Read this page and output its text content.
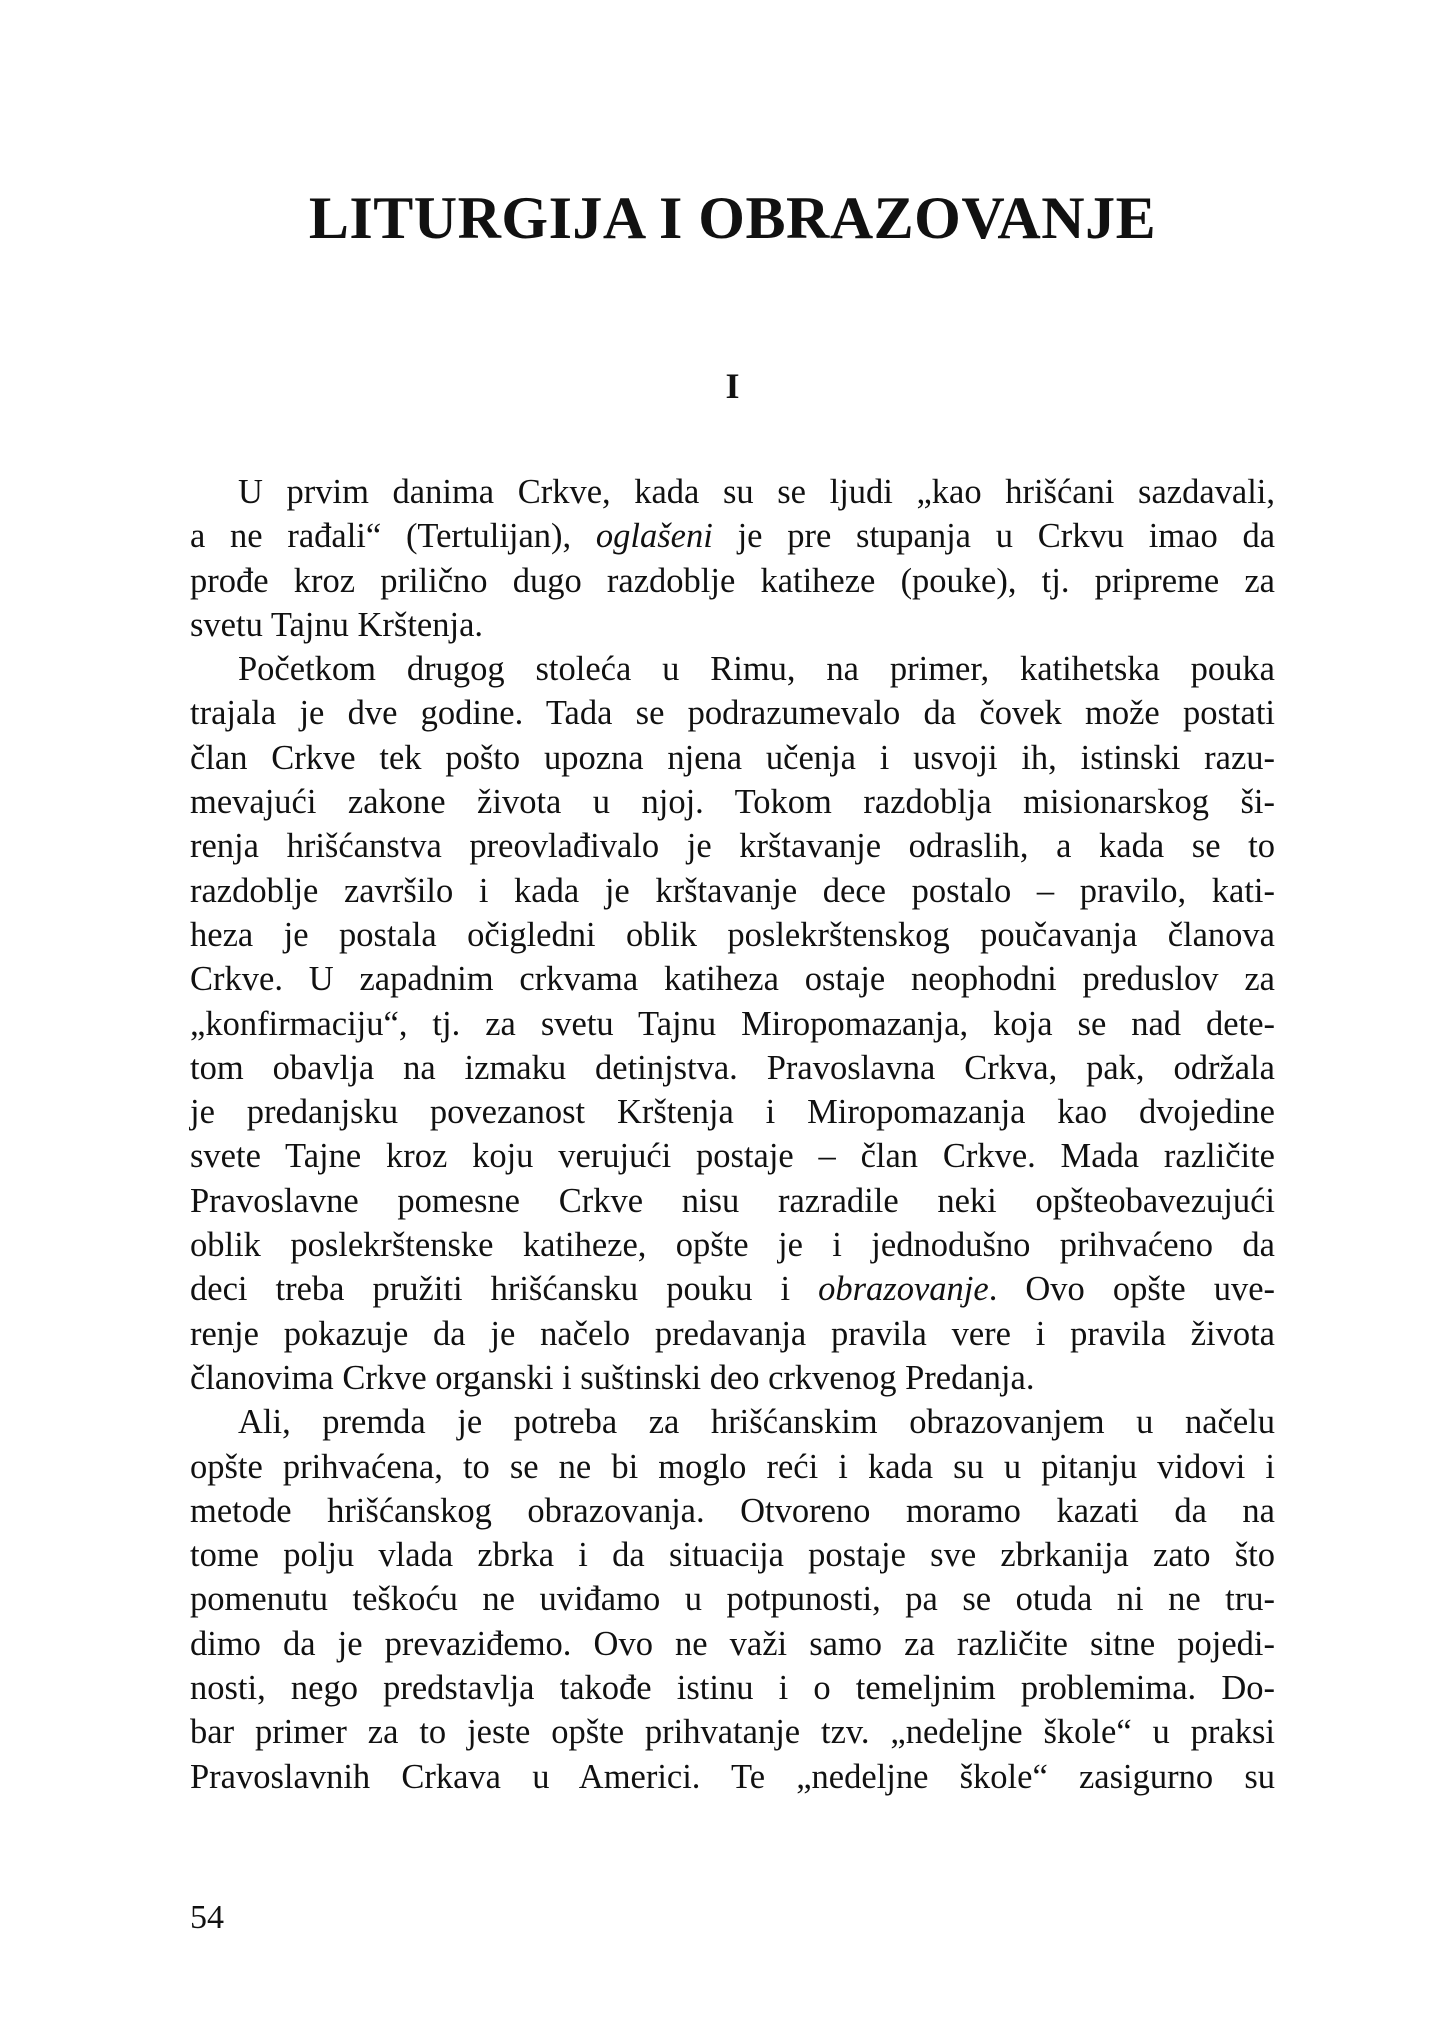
LITURGIJA I OBRAZOVANJE
I

U prvim danima Crkve, kada su se ljudi „kao hrišćani sazdavali,
a ne rađali“ (Tertulijan), oglašeni je pre stupanja u Crkvu imao da
prođe kroz prilično dugo razdoblje katiheze (pouke), tj. pripreme za
svetu Tajnu Krštenja.

Početkom drugog stoleća u Rimu, na primer, katihetska pouka
trajala je dve godine. Tada se podrazumevalo da čovek može postati
član Crkve tek pošto upozna njena učenja i usvoji ih, istinski razu-
mevajući zakone života u njoj. Tokom razdoblja misionarskog ši-
renja hrišćanstva preovlađivalo je krštavanje odraslih, a kada se to
razdoblje završilo i kada je krštavanje dece postalo – pravilo, kati-
heza je postala očigledni oblik poslekrštenskog poučavanja članova
Crkve. U zapadnim crkvama katiheza ostaje neophodni preduslov za
„konfirmaciju“, tj. za svetu Tajnu Miropomazanja, koja se nad dete-
tom obavlja na izmaku detinjstva. Pravoslavna Crkva, pak, održala
je predanjsku povezanost Krštenja i Miropomazanja kao dvojedine
svete Tajne kroz koju verujući postaje – član Crkve. Mada različite
Pravoslavne pomesne Crkve nisu razradile neki opšteobavezujući
oblik poslekrštenske katiheze, opšte je i jednodušno prihvaćeno da
deci treba pružiti hrišćansku pouku i obrazovanje. Ovo opšte uve-
renje pokazuje da je načelo predavanja pravila vere i pravila života
članovima Crkve organski i suštinski deo crkvenog Predanja.

Ali, premda je potreba za hrišćanskim obrazovanjem u načelu
opšte prihvaćena, to se ne bi moglo reći i kada su u pitanju vidovi i
metode hrišćanskog obrazovanja. Otvoreno moramo kazati da na
tome polju vlada zbrka i da situacija postaje sve zbrkanija zato što
pomenutu teškoću ne uviđamo u potpunosti, pa se otuda ni ne tru-
dimo da je prevaziđemo. Ovo ne važi samo za različite sitne pojedi-
nosti, nego predstavlja takođe istinu i o temeljnim problemima. Do-
bar primer za to jeste opšte prihvatanje tzv. „nedeljne škole“ u praksi
Pravoslavnih Crkava u Americi. Te „nedeljne škole“ zasigurno su

54
